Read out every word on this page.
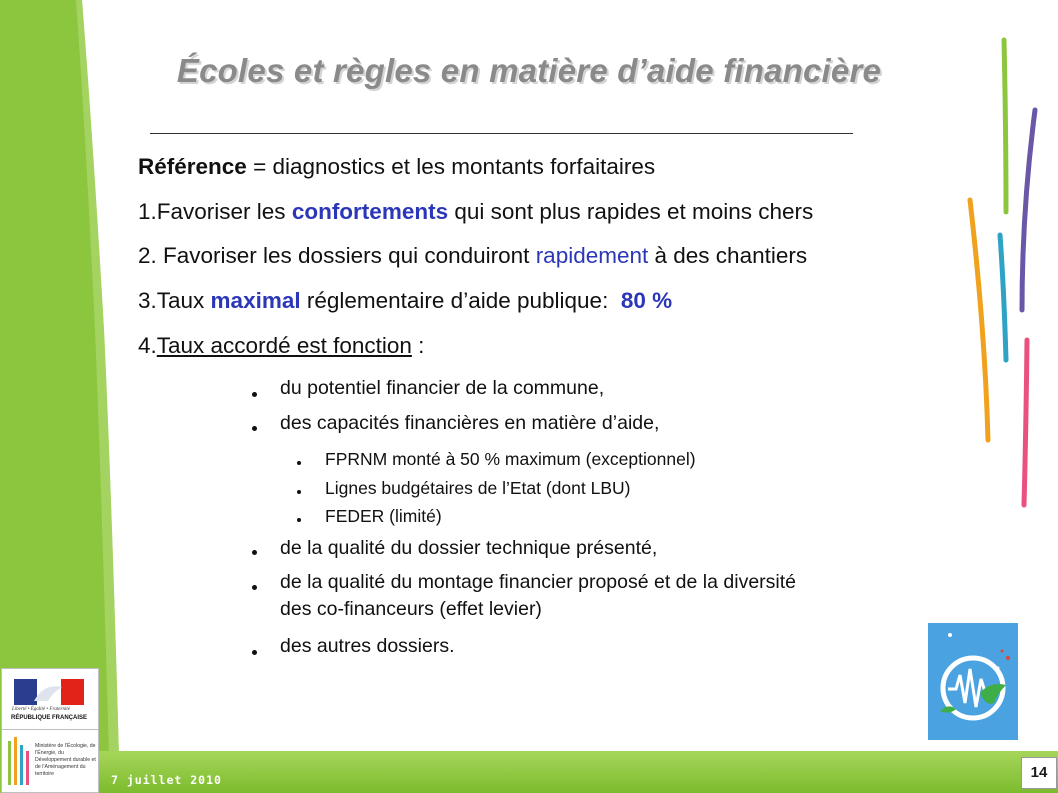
Écoles et règles en matière d’aide financière
Référence = diagnostics et les montants forfaitaires
1.Favoriser les confortements qui sont plus rapides et moins chers
2. Favoriser les dossiers qui conduiront rapidement à des chantiers
3.Taux maximal réglementaire d’aide publique:  80 %
4.Taux accordé est fonction :
du potentiel financier de la commune,
des capacités financières en matière d’aide,
FPRNM monté à 50 % maximum (exceptionnel)
Lignes budgétaires de l’Etat (dont LBU)
FEDER (limité)
de la qualité du dossier technique présenté,
de la qualité du montage financier proposé et de la diversité
des co-financeurs (effet levier)
des autres dossiers.
7 juillet 2010	14
Liberté • Égalité • Fraternité
RÉPUBLIQUE FRANÇAISE
Ministère de l’Écologie, de l’Énergie, du Développement durable et de l’Aménagement du territoire
